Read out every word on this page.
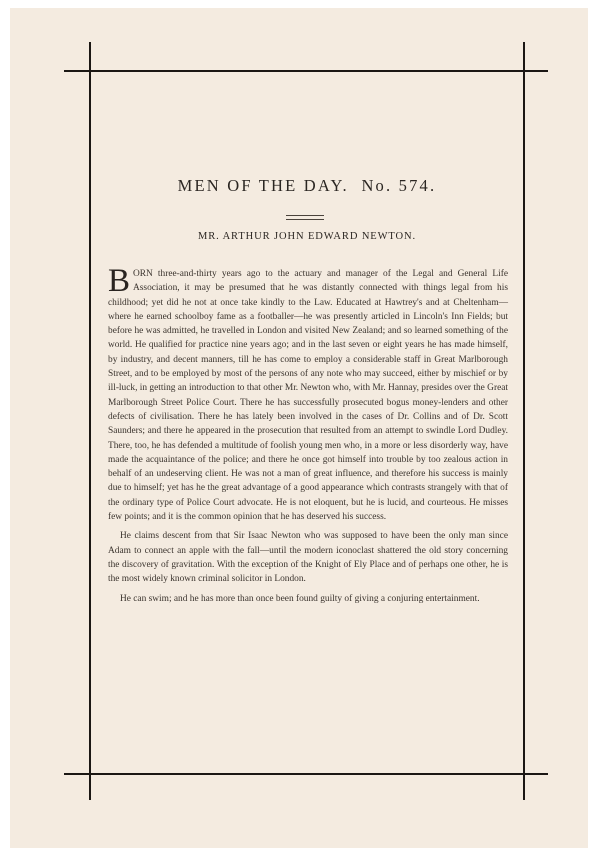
MEN OF THE DAY. No. 574.
MR. ARTHUR JOHN EDWARD NEWTON.

BORN three-and-thirty years ago to the actuary and manager of the Legal and General Life Association, it may be presumed that he was distantly connected with things legal from his childhood; yet did he not at once take kindly to the Law. Educated at Hawtrey's and at Cheltenham—where he earned schoolboy fame as a footballer—he was presently articled in Lincoln's Inn Fields; but before he was admitted, he travelled in London and visited New Zealand; and so learned something of the world. He qualified for practice nine years ago; and in the last seven or eight years he has made himself, by industry, and decent manners, till he has come to employ a considerable staff in Great Marlborough Street, and to be employed by most of the persons of any note who may succeed, either by mischief or by ill-luck, in getting an introduction to that other Mr. Newton who, with Mr. Hannay, presides over the Great Marlborough Street Police Court. There he has successfully prosecuted bogus money-lenders and other defects of civilisation. There he has lately been involved in the cases of Dr. Collins and of Dr. Scott Saunders; and there he appeared in the prosecution that resulted from an attempt to swindle Lord Dudley. There, too, he has defended a multitude of foolish young men who, in a more or less disorderly way, have made the acquaintance of the police; and there he once got himself into trouble by too zealous action in behalf of an undeserving client. He was not a man of great influence, and therefore his success is mainly due to himself; yet has he the great advantage of a good appearance which contrasts strangely with that of the ordinary type of Police Court advocate. He is not eloquent, but he is lucid, and courteous. He misses few points; and it is the common opinion that he has deserved his success.

He claims descent from that Sir Isaac Newton who was supposed to have been the only man since Adam to connect an apple with the fall—until the modern iconoclast shattered the old story concerning the discovery of gravitation. With the exception of the Knight of Ely Place and of perhaps one other, he is the most widely known criminal solicitor in London.

He can swim; and he has more than once been found guilty of giving a conjuring entertainment.
